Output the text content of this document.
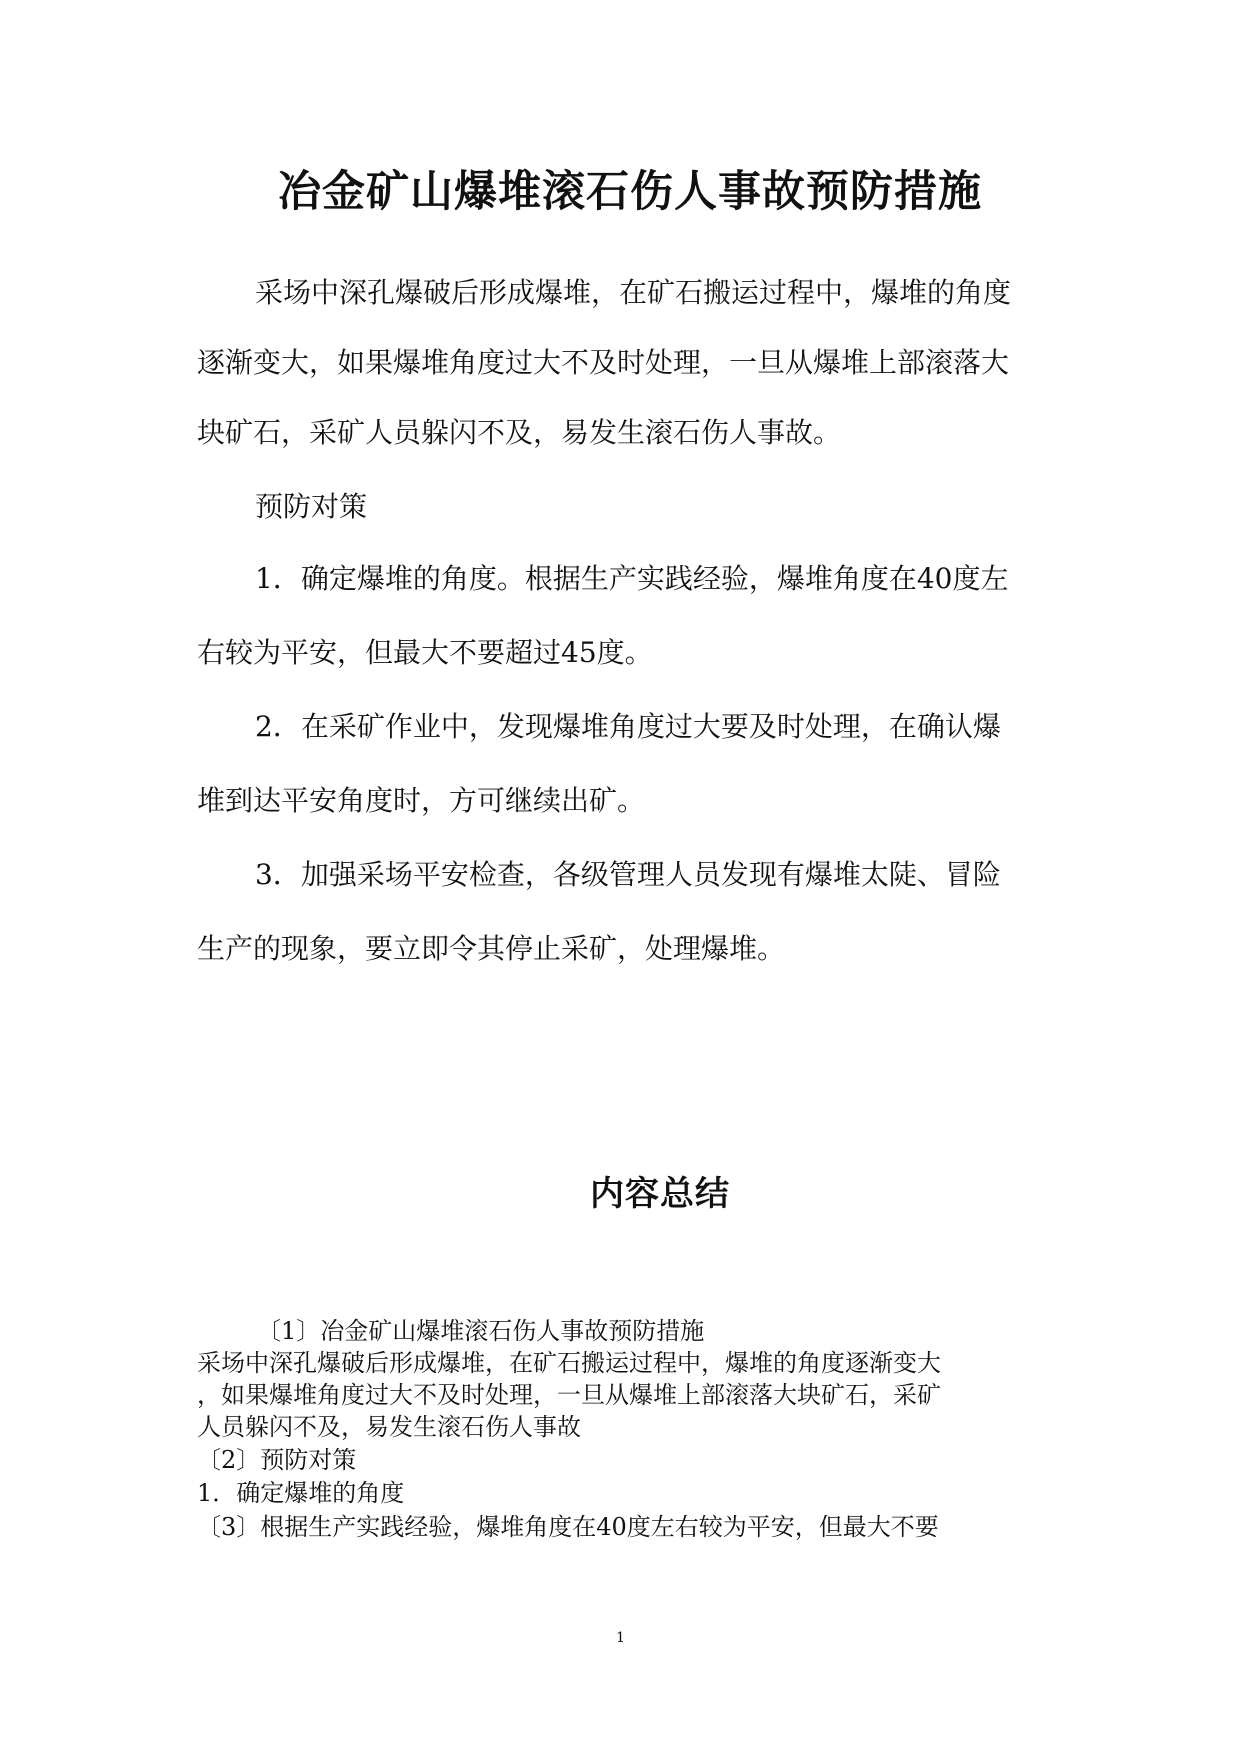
冶金矿山爆堆滚石伤人事故预防措施

采场中深孔爆破后形成爆堆，在矿石搬运过程中，爆堆的角度

逐渐变大，如果爆堆角度过大不及时处理，一旦从爆堆上部滚落大

块矿石，采矿人员躲闪不及，易发生滚石伤人事故。

预防对策

1．确定爆堆的角度。根据生产实践经验，爆堆角度在40度左

右较为平安，但最大不要超过45度。

2．在采矿作业中，发现爆堆角度过大要及时处理，在确认爆

堆到达平安角度时，方可继续出矿。

3．加强采场平安检查，各级管理人员发现有爆堆太陡、冒险

生产的现象，要立即令其停止采矿，处理爆堆。

内容总结

〔1〕冶金矿山爆堆滚石伤人事故预防措施

采场中深孔爆破后形成爆堆，在矿石搬运过程中，爆堆的角度逐渐变大

，如果爆堆角度过大不及时处理，一旦从爆堆上部滚落大块矿石，采矿

人员躲闪不及，易发生滚石伤人事故

〔2〕预防对策

1．确定爆堆的角度

〔3〕根据生产实践经验，爆堆角度在40度左右较为平安，但最大不要

1
